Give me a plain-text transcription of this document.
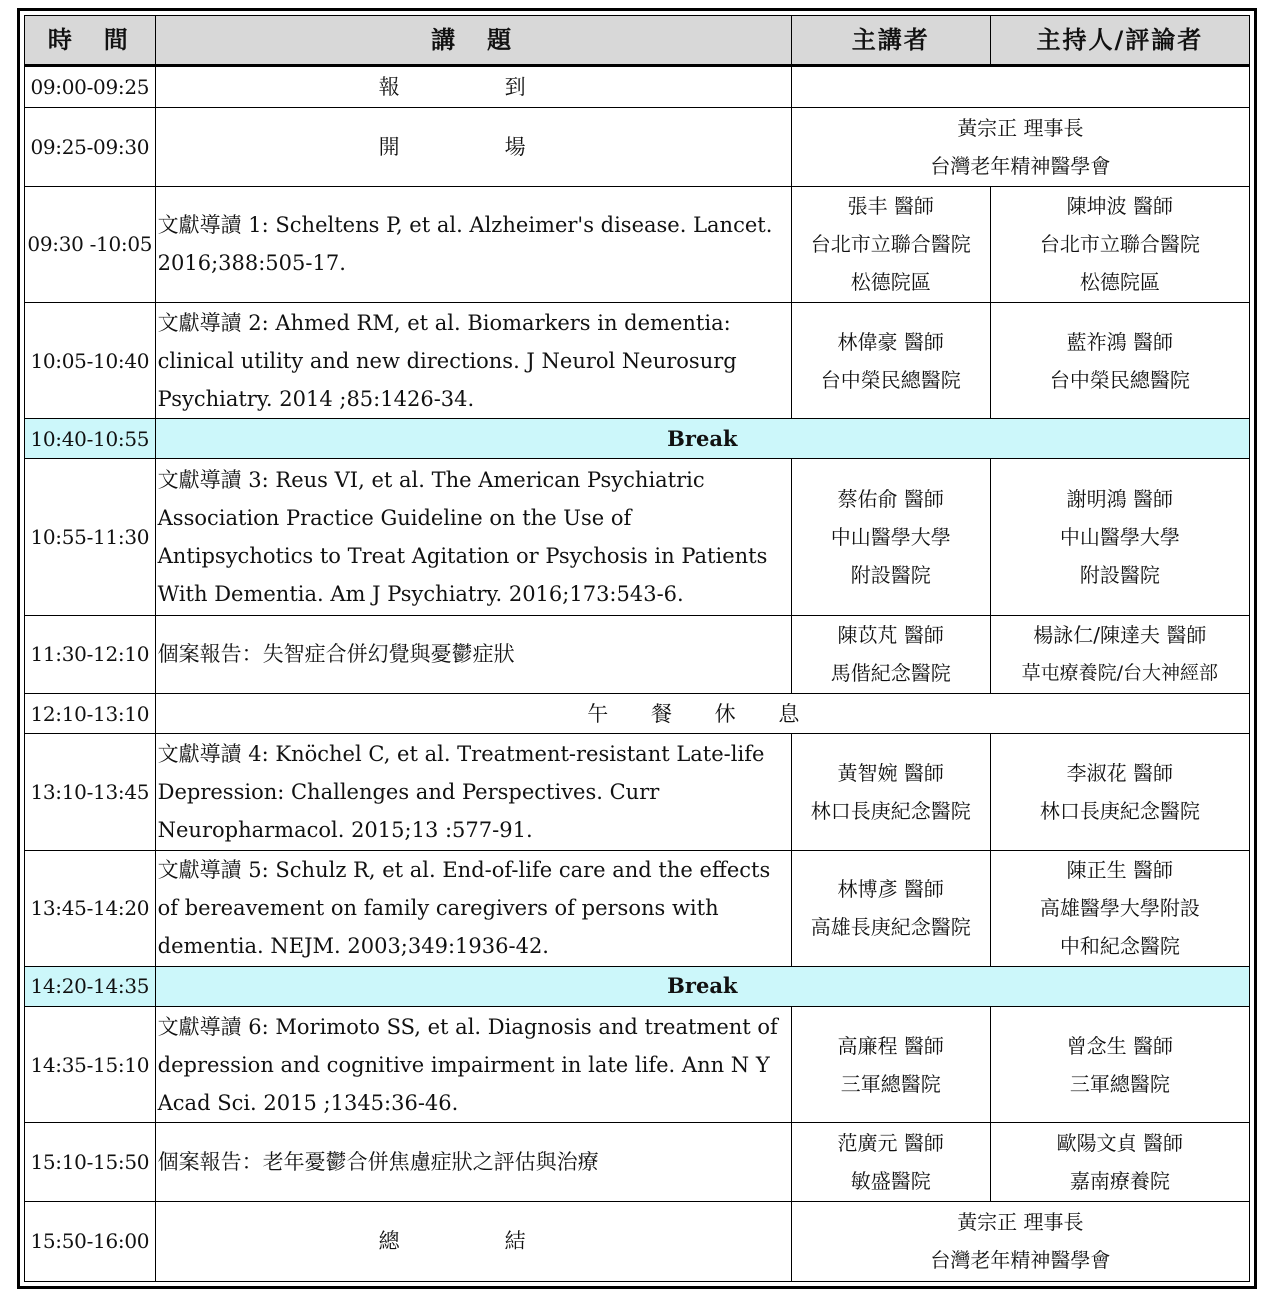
時　間	講　題	主講者	主持人/評論者
09:00-09:25	報　到		

09:25-09:30	開　場	黃宗正 理事長
台灣老年精神醫學會	

09:30 -10:05	文獻導讀 1: Scheltens P, et al. Alzheimer's disease. Lancet. 2016;388:505-17.	張丰 醫師
台北市立聯合醫院
松德院區	陳坤波 醫師
台北市立聯合醫院
松德院區

10:05-10:40	文獻導讀 2: Ahmed RM, et al. Biomarkers in dementia: clinical utility and new directions. J Neurol Neurosurg Psychiatry. 2014 ;85:1426-34.	林偉豪 醫師
台中榮民總醫院	藍祚鴻 醫師
台中榮民總醫院

10:40-10:55	Break		
10:55-11:30	文獻導讀 3: Reus VI, et al. The American Psychiatric Association Practice Guideline on the Use of Antipsychotics to Treat Agitation or Psychosis in Patients With Dementia. Am J Psychiatry. 2016;173:543-6.	蔡佑俞 醫師
中山醫學大學
附設醫院	謝明鴻 醫師
中山醫學大學
附設醫院

11:30-12:10	個案報告：失智症合併幻覺與憂鬱症狀	陳苡芃 醫師
馬偕紀念醫院	楊詠仁/陳達夫 醫師
草屯療養院/台大神經部

12:10-13:10	午 餐 休 息		
13:10-13:45	文獻導讀 4: Knöchel C, et al. Treatment-resistant Late-life Depression: Challenges and Perspectives. Curr Neuropharmacol. 2015;13 :577-91.	黃智婉 醫師
林口長庚紀念醫院	李淑花 醫師
林口長庚紀念醫院

13:45-14:20	文獻導讀 5: Schulz R, et al. End-of-life care and the effects of bereavement on family caregivers of persons with dementia. NEJM. 2003;349:1936-42.	林博彥 醫師
高雄長庚紀念醫院	陳正生 醫師
高雄醫學大學附設
中和紀念醫院

14:20-14:35	Break		
14:35-15:10	文獻導讀 6: Morimoto SS, et al. Diagnosis and treatment of depression and cognitive impairment in late life. Ann N Y Acad Sci. 2015 ;1345:36-46.	高廉程 醫師
三軍總醫院	曾念生 醫師
三軍總醫院

15:10-15:50	個案報告：老年憂鬱合併焦慮症狀之評估與治療	范廣元 醫師
敏盛醫院	歐陽文貞 醫師
嘉南療養院

15:50-16:00	總　結	黃宗正 理事長
台灣老年精神醫學會	
